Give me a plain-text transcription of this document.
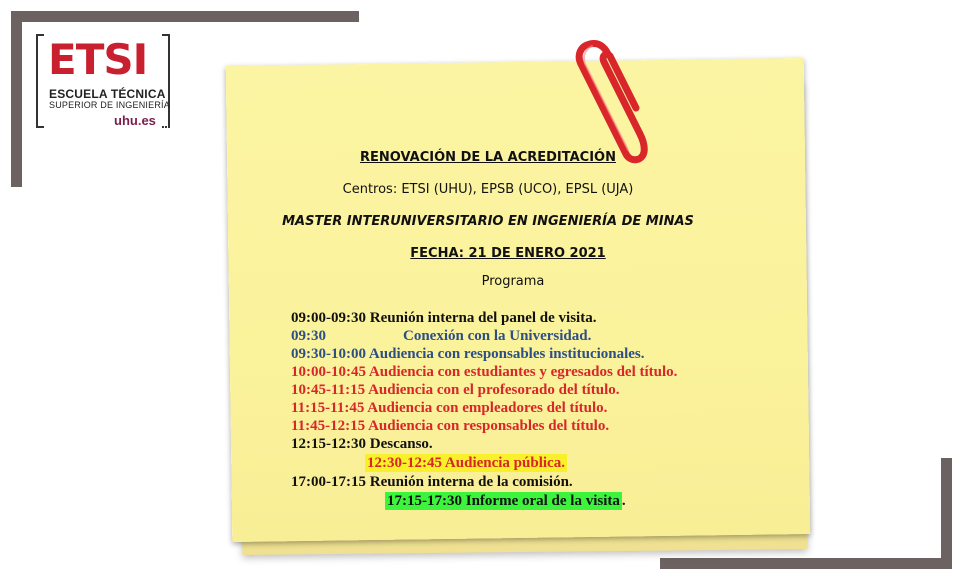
ETSI
ESCUELA TÉCNICA
SUPERIOR DE INGENIERÍA
uhu.es
RENOVACIÓN DE LA ACREDITACIÓN
Centros: ETSI (UHU), EPSB (UCO), EPSL (UJA)
MASTER INTERUNIVERSITARIO EN INGENIERÍA DE MINAS
FECHA: 21 DE ENERO 2021
Programa
09:00-09:30 Reunión interna del panel de visita.
09:30	Conexión con la Universidad.
09:30-10:00 Audiencia con responsables institucionales.
10:00-10:45 Audiencia con estudiantes y egresados del título.
10:45-11:15 Audiencia con el profesorado del título.
11:15-11:45 Audiencia con empleadores del título.
11:45-12:15 Audiencia con responsables del título.
12:15-12:30 Descanso.
12:30-12:45 Audiencia pública.
17:00-17:15 Reunión interna de la comisión.
17:15-17:30 Informe oral de la visita .
